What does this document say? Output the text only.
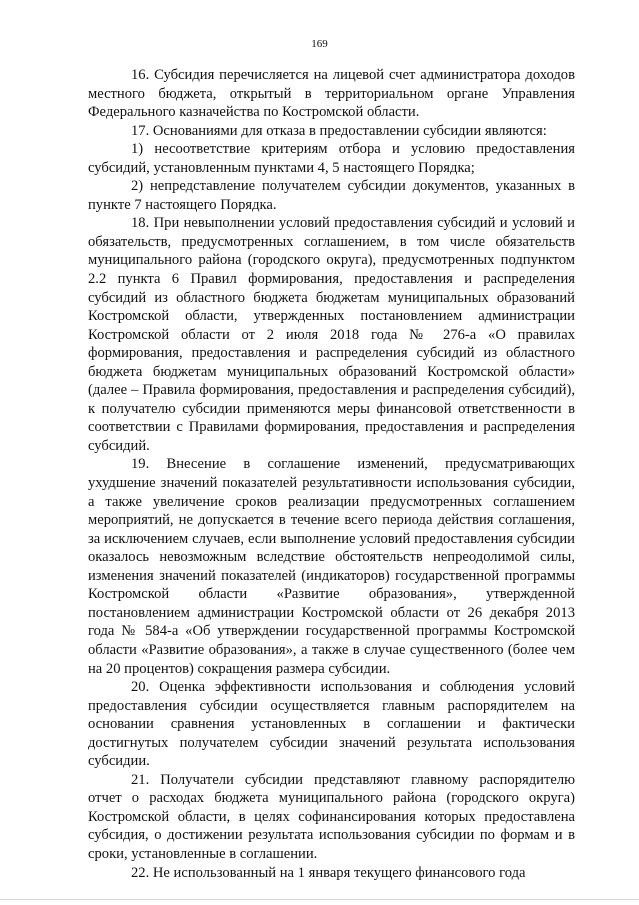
169

16. Субсидия перечисляется на лицевой счет администратора доходов местного бюджета, открытый в территориальном органе Управления Федерального казначейства по Костромской области.

17. Основаниями для отказа в предоставлении субсидии являются:

1) несоответствие критериям отбора и условию предоставления субсидий, установленным пунктами 4, 5 настоящего Порядка;

2) непредставление получателем субсидии документов, указанных в пункте 7 настоящего Порядка.

18. При невыполнении условий предоставления субсидий и условий и обязательств, предусмотренных соглашением, в том числе обязательств муниципального района (городского округа), предусмотренных подпунктом 2.2 пункта 6 Правил формирования, предоставления и распределения субсидий из областного бюджета бюджетам муниципальных образований Костромской области, утвержденных постановлением администрации Костромской области от 2 июля 2018 года № 276-а «О правилах формирования, предоставления и распределения субсидий из областного бюджета бюджетам муниципальных образований Костромской области» (далее – Правила формирования, предоставления и распределения субсидий), к получателю субсидии применяются меры финансовой ответственности в соответствии с Правилами формирования, предоставления и распределения субсидий.

19. Внесение в соглашение изменений, предусматривающих ухудшение значений показателей результативности использования субсидии, а также увеличение сроков реализации предусмотренных соглашением мероприятий, не допускается в течение всего периода действия соглашения, за исключением случаев, если выполнение условий предоставления субсидии оказалось невозможным вследствие обстоятельств непреодолимой силы, изменения значений показателей (индикаторов) государственной программы Костромской области «Развитие образования», утвержденной постановлением администрации Костромской области от 26 декабря 2013 года № 584-а «Об утверждении государственной программы Костромской области «Развитие образования», а также в случае существенного (более чем на 20 процентов) сокращения размера субсидии.

20. Оценка эффективности использования и соблюдения условий предоставления субсидии осуществляется главным распорядителем на основании сравнения установленных в соглашении и фактически достигнутых получателем субсидии значений результата использования субсидии.

21. Получатели субсидии представляют главному распорядителю отчет о расходах бюджета муниципального района (городского округа) Костромской области, в целях софинансирования которых предоставлена субсидия, о достижении результата использования субсидии по формам и в сроки, установленные в соглашении.

22. Не использованный на 1 января текущего финансового года
